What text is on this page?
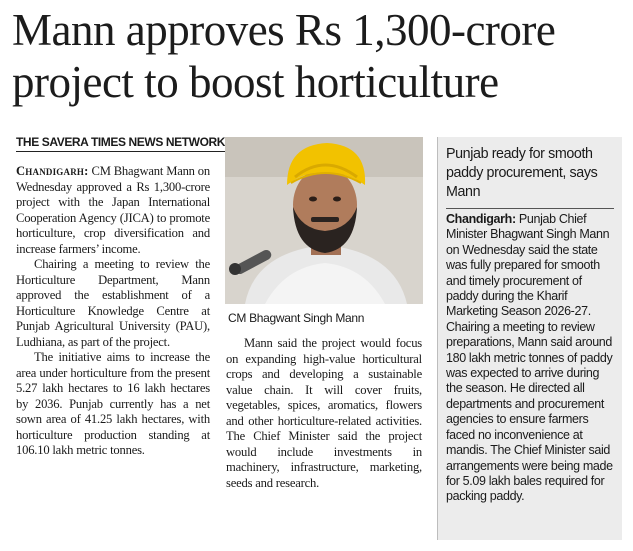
Mann approves Rs 1,300-crore project to boost horticulture
THE SAVERA TIMES NEWS NETWORK

Chandigarh: CM Bhagwant Mann on Wednesday approved a Rs 1,300-crore project with the Japan International Cooperation Agency (JICA) to promote horticulture, crop diversification and increase farmers’ income.

Chairing a meeting to review the Horticulture Department, Mann approved the establishment of a Horticulture Knowledge Centre at Punjab Agricultural University (PAU), Ludhiana, as part of the project.

The initiative aims to increase the area under horticulture from the present 5.27 lakh hectares to 16 lakh hectares by 2036. Punjab currently has a net sown area of 41.25 lakh hectares, with horticulture production standing at 106.10 lakh metric tonnes.

CM Bhagwant Singh Mann

Mann said the project would focus on expanding high-value horticultural crops and developing a sustainable value chain. It will cover fruits, vegetables, spices, aromatics, flowers and other horticulture-related activities. The Chief Minister said the project would include investments in machinery, infrastructure, marketing, seeds and research.

Punjab ready for smooth paddy procurement, says Mann
Chandigarh: Punjab Chief Minister Bhagwant Singh Mann on Wednesday said the state was fully prepared for smooth and timely procurement of paddy during the Kharif Marketing Season 2026-27. Chairing a meeting to review preparations, Mann said around 180 lakh metric tonnes of paddy was expected to arrive during the season. He directed all departments and procurement agencies to ensure farmers faced no inconvenience at mandis. The Chief Minister said arrangements were being made for 5.09 lakh bales required for packing paddy.
